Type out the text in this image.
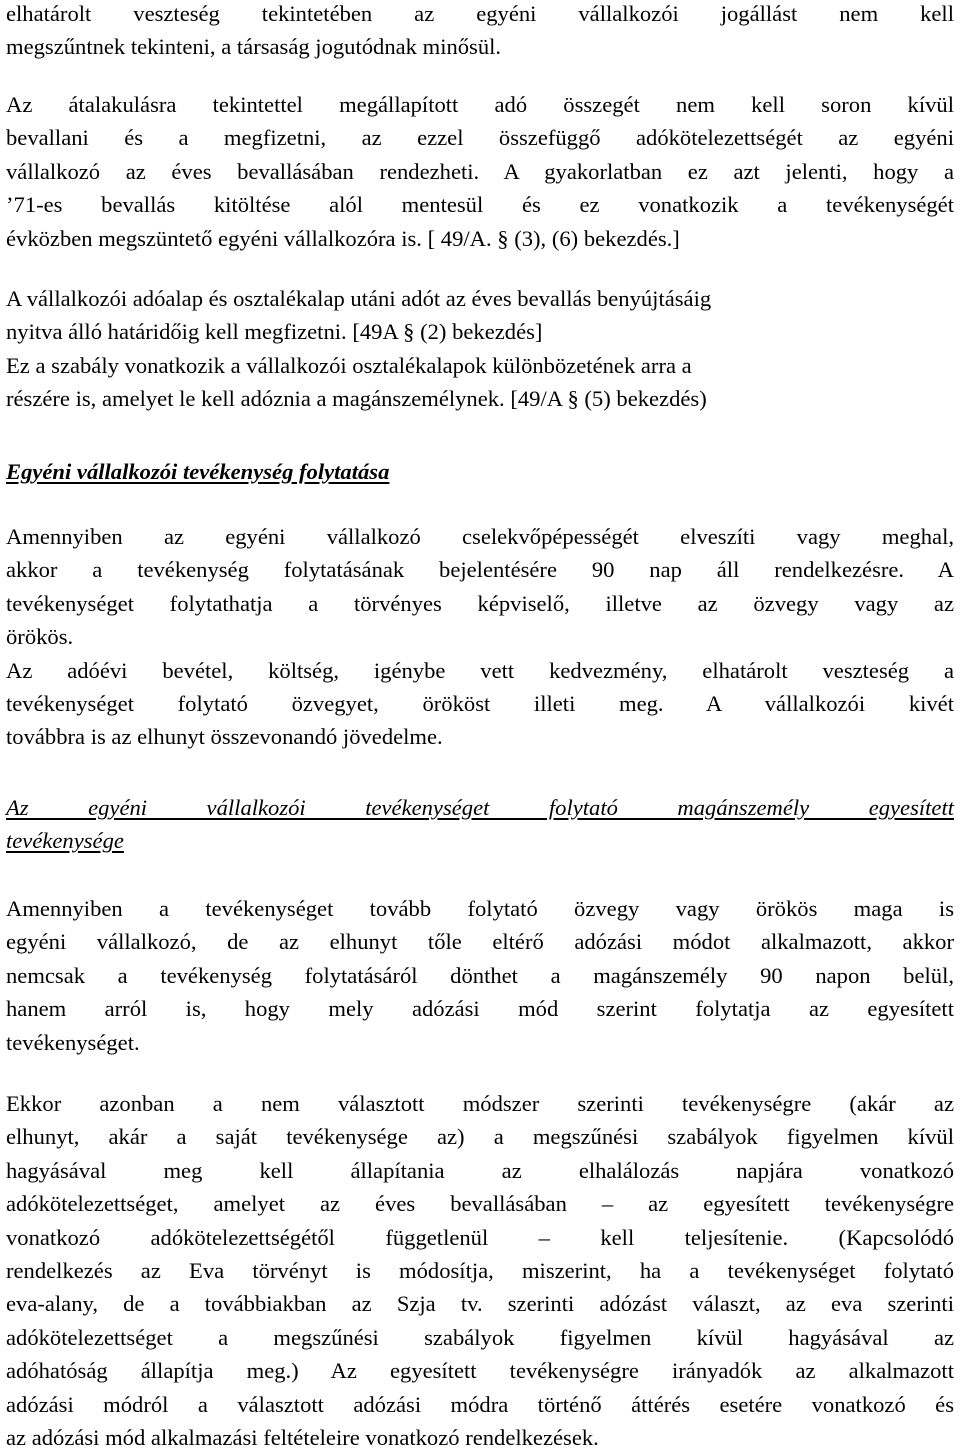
elhatárolt veszteség tekintetében az egyéni vállalkozói jogállást nem kell
megszűntnek tekinteni, a társaság jogutódnak minősül.
Az átalakulásra tekintettel megállapított adó összegét nem kell soron kívül
bevallani és a megfizetni, az ezzel összefüggő adókötelezettségét az egyéni
vállalkozó az éves bevallásában rendezheti. A gyakorlatban ez azt jelenti, hogy a
’71-es bevallás kitöltése alól mentesül és ez vonatkozik a tevékenységét
évközben megszüntető egyéni vállalkozóra is. [ 49/A. § (3), (6) bekezdés.]
A vállalkozói adóalap és osztalékalap utáni adót az éves bevallás benyújtásáig
nyitva álló határidőig kell megfizetni. [49A § (2) bekezdés]
Ez a szabály vonatkozik a vállalkozói osztalékalapok különbözetének arra a
részére is, amelyet le kell adóznia a magánszemélynek. [49/A § (5) bekezdés)
Egyéni vállalkozói tevékenység folytatása
Amennyiben az egyéni vállalkozó cselekvőpépességét elveszíti vagy meghal,
akkor a tevékenység folytatásának bejelentésére 90 nap áll rendelkezésre. A
tevékenységet folytathatja a törvényes képviselő, illetve az özvegy vagy az
örökös.
Az adóévi bevétel, költség, igénybe vett kedvezmény, elhatárolt veszteség a
tevékenységet folytató özvegyet, örököst illeti meg. A vállalkozói kivét
továbbra is az elhunyt összevonandó jövedelme.
Az egyéni vállalkozói tevékenységet folytató magánszemély egyesített
tevékenysége
Amennyiben a tevékenységet tovább folytató özvegy vagy örökös maga is
egyéni vállalkozó, de az elhunyt tőle eltérő adózási módot alkalmazott, akkor
nemcsak a tevékenység folytatásáról dönthet a magánszemély 90 napon belül,
hanem arról is, hogy mely adózási mód szerint folytatja az egyesített
tevékenységet.
Ekkor azonban a nem választott módszer szerinti tevékenységre (akár az
elhunyt, akár a saját tevékenysége az) a megszűnési szabályok figyelmen kívül
hagyásával meg kell állapítania az elhalálozás napjára vonatkozó
adókötelezettséget, amelyet az éves bevallásában – az egyesített tevékenységre
vonatkozó adókötelezettségétől függetlenül – kell teljesítenie. (Kapcsolódó
rendelkezés az Eva törvényt is módosítja, miszerint, ha a tevékenységet folytató
eva-alany, de a továbbiakban az Szja tv. szerinti adózást választ, az eva szerinti
adókötelezettséget a megszűnési szabályok figyelmen kívül hagyásával az
adóhatóság állapítja meg.) Az egyesített tevékenységre irányadók az alkalmazott
adózási módról a választott adózási módra történő áttérés esetére vonatkozó és
az adózási mód alkalmazási feltételeire vonatkozó rendelkezések.
